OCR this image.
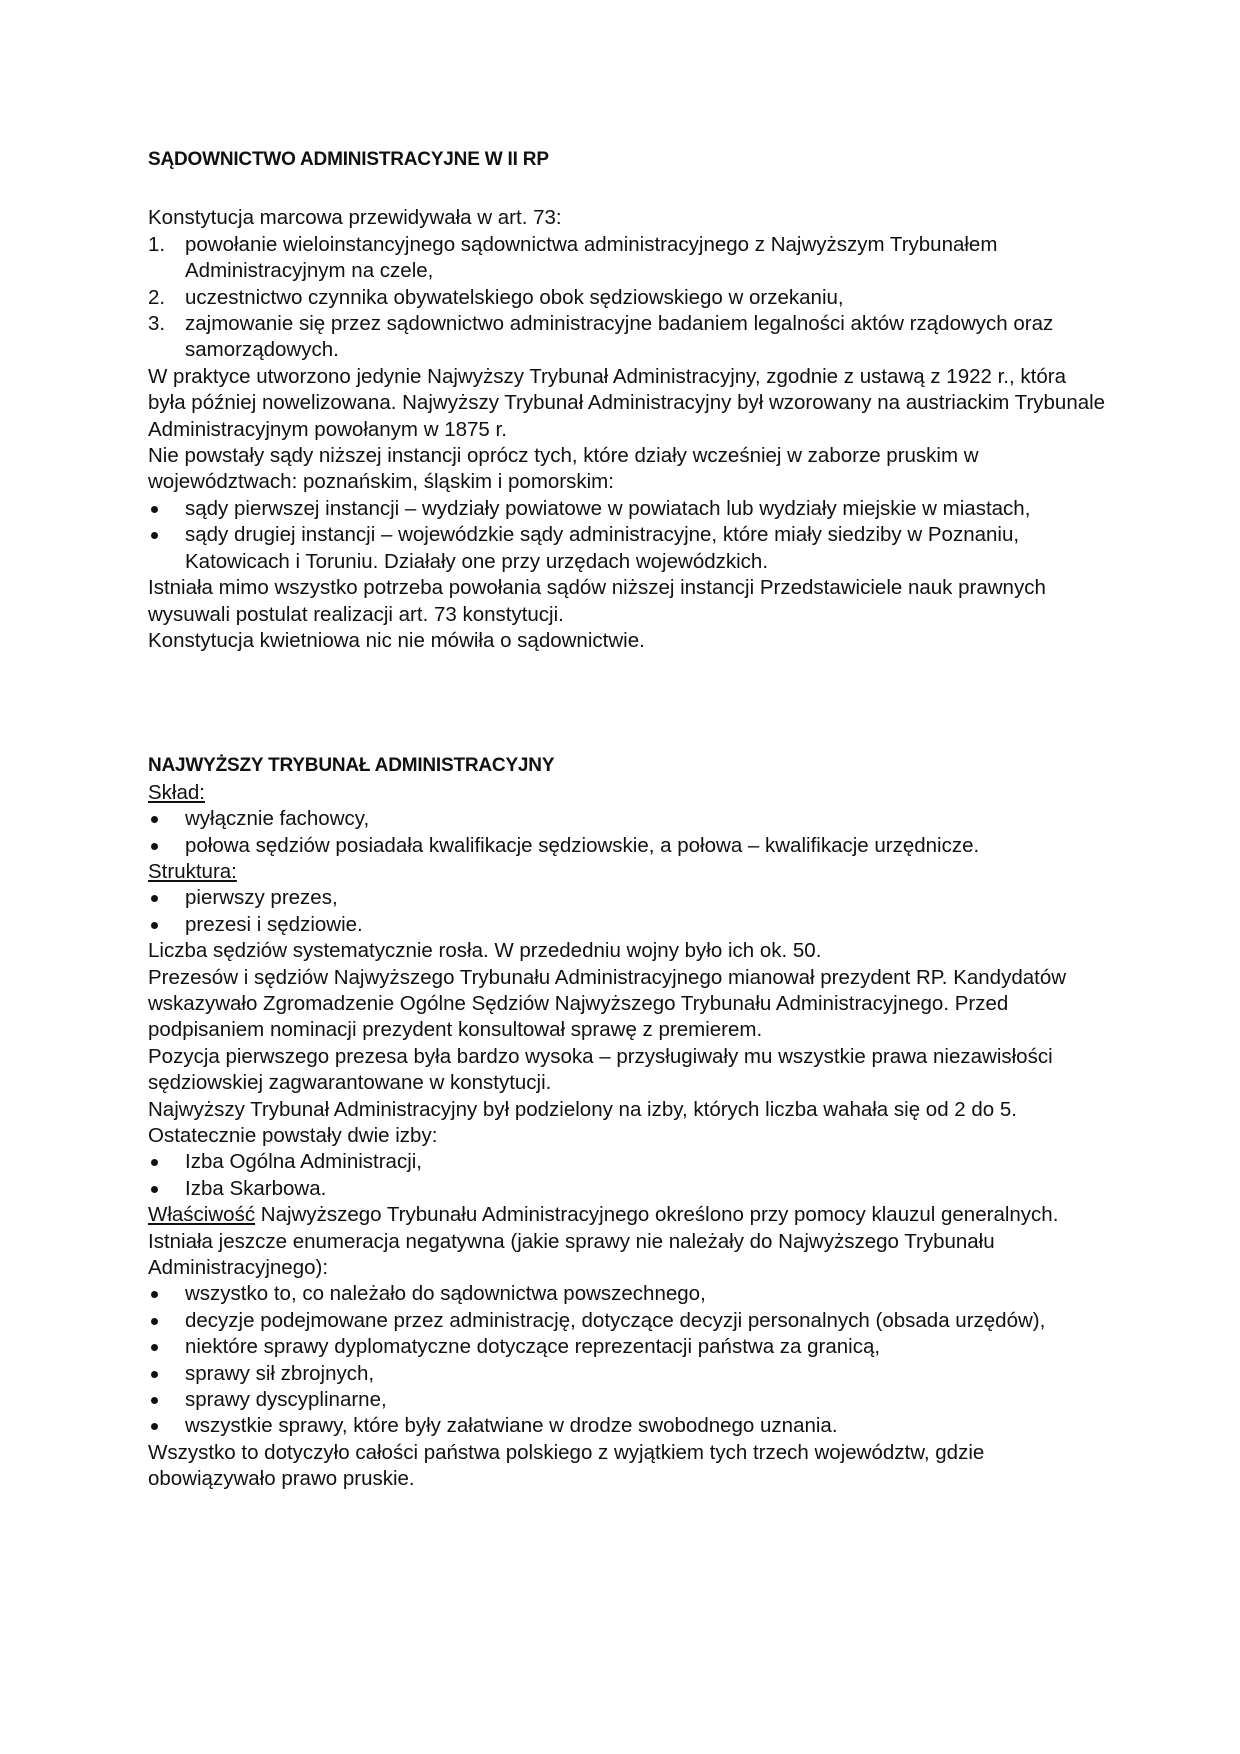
SĄDOWNICTWO ADMINISTRACYJNE W II RP
Konstytucja marcowa przewidywała w art. 73:
1. powołanie wieloinstancyjnego sądownictwa administracyjnego z Najwyższym Trybunałem Administracyjnym na czele,
2. uczestnictwo czynnika obywatelskiego obok sędziowskiego w orzekaniu,
3. zajmowanie się przez sądownictwo administracyjne badaniem legalności aktów rządowych oraz samorządowych.
W praktyce utworzono jedynie Najwyższy Trybunał Administracyjny, zgodnie z ustawą z 1922 r., która była później nowelizowana. Najwyższy Trybunał Administracyjny był wzorowany na austriackim Trybunale Administracyjnym powołanym w 1875 r.
Nie powstały sądy niższej instancji oprócz tych, które działy wcześniej w zaborze pruskim w województwach: poznańskim, śląskim i pomorskim:
sądy pierwszej instancji – wydziały powiatowe w powiatach lub wydziały miejskie w miastach,
sądy drugiej instancji – wojewódzkie sądy administracyjne, które miały siedziby w Poznaniu, Katowicach i Toruniu. Działały one przy urzędach wojewódzkich.
Istniała mimo wszystko potrzeba powołania sądów niższej instancji Przedstawiciele nauk prawnych wysuwali postulat realizacji art. 73 konstytucji.
Konstytucja kwietniowa nic nie mówiła o sądownictwie.
NAJWYŻSZY TRYBUNAŁ ADMINISTRACYJNY
Skład:
wyłącznie fachowcy,
połowa sędziów posiadała kwalifikacje sędziowskie, a połowa – kwalifikacje urzędnicze.
Struktura:
pierwszy prezes,
prezesi i sędziowie.
Liczba sędziów systematycznie rosła. W przededniu wojny było ich ok. 50.
Prezesów i sędziów Najwyższego Trybunału Administracyjnego mianował prezydent RP. Kandydatów wskazywało Zgromadzenie Ogólne Sędziów Najwyższego Trybunału Administracyjnego. Przed podpisaniem nominacji prezydent konsultował sprawę z premierem.
Pozycja pierwszego prezesa była bardzo wysoka – przysługiwały mu wszystkie prawa niezawisłości sędziowskiej zagwarantowane w konstytucji.
Najwyższy Trybunał Administracyjny był podzielony na izby, których liczba wahała się od 2 do 5. Ostatecznie powstały dwie izby:
Izba Ogólna Administracji,
Izba Skarbowa.
Właściwość Najwyższego Trybunału Administracyjnego określono przy pomocy klauzul generalnych. Istniała jeszcze enumeracja negatywna (jakie sprawy nie należały do Najwyższego Trybunału Administracyjnego):
wszystko to, co należało do sądownictwa powszechnego,
decyzje podejmowane przez administrację, dotyczące decyzji personalnych (obsada urzędów),
niektóre sprawy dyplomatyczne dotyczące reprezentacji państwa za granicą,
sprawy sił zbrojnych,
sprawy dyscyplinarne,
wszystkie sprawy, które były załatwiane w drodze swobodnego uznania.
Wszystko to dotyczyło całości państwa polskiego z wyjątkiem tych trzech województw, gdzie obowiązywało prawo pruskie.
